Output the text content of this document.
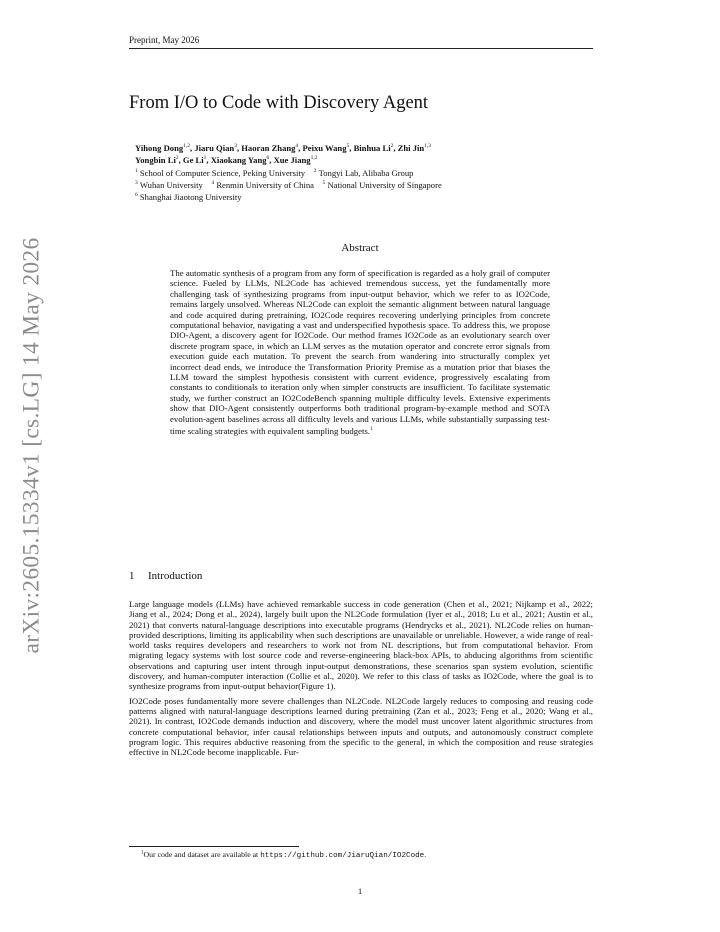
arXiv:2605.15334v1 [cs.LG] 14 May 2026
Preprint, May 2026
From I/O to Code with Discovery Agent
Yihong Dong$^{1,2}$, Jiaru Qian$^3$, Haoran Zhang$^4$, Peixu Wang$^5$, Binhua Li$^2$, Zhi Jin$^{1,3}$
Yongbin Li$^2$, Ge Li$^1$, Xiaokang Yang$^6$, Xue Jiang$^{1,2}$
$^1$ School of Computer Science, Peking University $^2$ Tongyi Lab, Alibaba Group
$^3$ Wuhan University $^4$ Renmin University of China $^5$ National University of Singapore
$^6$ Shanghai Jiaotong University
Abstract
The automatic synthesis of a program from any form of specification is regarded as a holy grail of computer science. Fueled by LLMs, NL2Code has achieved tremendous success, yet the fundamentally more challenging task of synthesizing programs from input-output behavior, which we refer to as IO2Code, remains largely unsolved. Whereas NL2Code can exploit the semantic alignment between natural language and code acquired during pretraining, IO2Code requires recovering underlying principles from concrete computational behavior, navigating a vast and underspecified hypothesis space. To address this, we propose DIO-Agent, a discovery agent for IO2Code. Our method frames IO2Code as an evolutionary search over discrete program space, in which an LLM serves as the mutation operator and concrete error signals from execution guide each mutation. To prevent the search from wandering into structurally complex yet incorrect dead ends, we introduce the Transformation Priority Premise as a mutation prior that biases the LLM toward the simplest hypothesis consistent with current evidence, progressively escalating from constants to conditionals to iteration only when simpler constructs are insufficient. To facilitate systematic study, we further construct an IO2CodeBench spanning multiple difficulty levels. Extensive experiments show that DIO-Agent consistently outperforms both traditional program-by-example method and SOTA evolution-agent baselines across all difficulty levels and various LLMs, while substantially surpassing test-time scaling strategies with equivalent sampling budgets.$^1$
1 Introduction

Large language models (LLMs) have achieved remarkable success in code generation (Chen et al., 2021; Nijkamp et al., 2022; Jiang et al., 2024; Dong et al., 2024), largely built upon the NL2Code formulation (Iyer et al., 2018; Lu et al., 2021; Austin et al., 2021) that converts natural-language descriptions into executable programs (Hendrycks et al., 2021). NL2Code relies on human-provided descriptions, limiting its applicability when such descriptions are unavailable or unreliable. However, a wide range of real-world tasks requires developers and researchers to work not from NL descriptions, but from computational behavior. From migrating legacy systems with lost source code and reverse-engineering black-box APIs, to abducing algorithms from scientific observations and capturing user intent through input-output demonstrations, these scenarios span system evolution, scientific discovery, and human-computer interaction (Collie et al., 2020). We refer to this class of tasks as IO2Code, where the goal is to synthesize programs from input-output behavior(Figure 1).

IO2Code poses fundamentally more severe challenges than NL2Code. NL2Code largely reduces to composing and reusing code patterns aligned with natural-language descriptions learned during pretraining (Zan et al., 2023; Feng et al., 2020; Wang et al., 2021). In contrast, IO2Code demands induction and discovery, where the model must uncover latent algorithmic structures from concrete computational behavior, infer causal relationships between inputs and outputs, and autonomously construct complete program logic. This requires abductive reasoning from the specific to the general, in which the composition and reuse strategies effective in NL2Code become inapplicable. Fur-

$^1$Our code and dataset are available at https://github.com/JiaruQian/IO2Code.
1
